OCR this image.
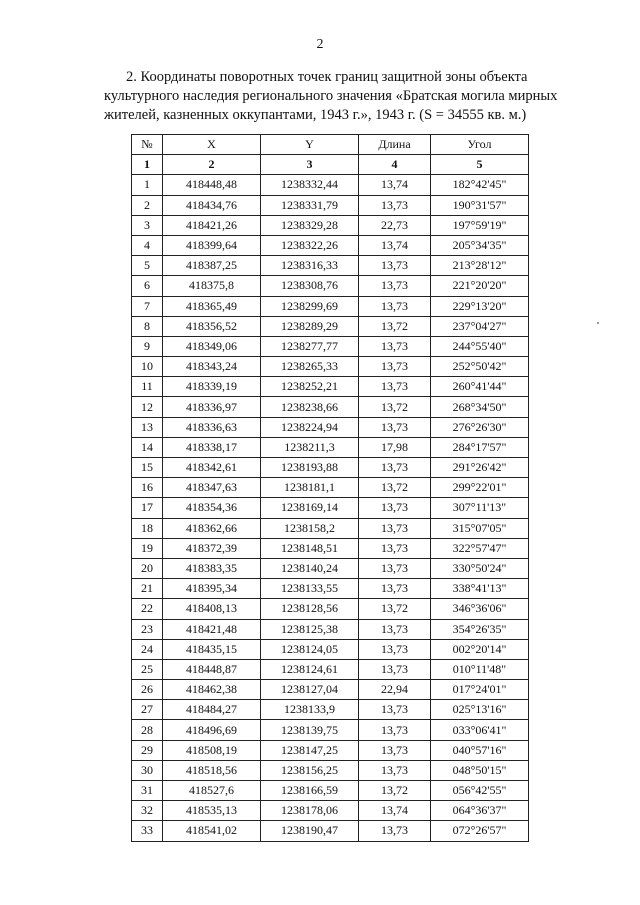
2
2. Координаты поворотных точек границ защитной зоны объекта
культурного наследия регионального значения «Братская могила мирных
жителей, казненных оккупантами, 1943 г.», 1943 г. (S = 34555 кв. м.)
№	X	Y	Длина	Угол
1	2	3	4	5
1	418448,48	1238332,44	13,74	182°42'45"
2	418434,76	1238331,79	13,73	190°31'57"
3	418421,26	1238329,28	22,73	197°59'19"
4	418399,64	1238322,26	13,74	205°34'35"
5	418387,25	1238316,33	13,73	213°28'12"
6	418375,8	1238308,76	13,73	221°20'20"
7	418365,49	1238299,69	13,73	229°13'20"
8	418356,52	1238289,29	13,72	237°04'27"
9	418349,06	1238277,77	13,73	244°55'40"
10	418343,24	1238265,33	13,73	252°50'42"
11	418339,19	1238252,21	13,73	260°41'44"
12	418336,97	1238238,66	13,72	268°34'50"
13	418336,63	1238224,94	13,73	276°26'30"
14	418338,17	1238211,3	17,98	284°17'57"
15	418342,61	1238193,88	13,73	291°26'42"
16	418347,63	1238181,1	13,72	299°22'01"
17	418354,36	1238169,14	13,73	307°11'13"
18	418362,66	1238158,2	13,73	315°07'05"
19	418372,39	1238148,51	13,73	322°57'47"
20	418383,35	1238140,24	13,73	330°50'24"
21	418395,34	1238133,55	13,73	338°41'13"
22	418408,13	1238128,56	13,72	346°36'06"
23	418421,48	1238125,38	13,73	354°26'35"
24	418435,15	1238124,05	13,73	002°20'14"
25	418448,87	1238124,61	13,73	010°11'48"
26	418462,38	1238127,04	22,94	017°24'01"
27	418484,27	1238133,9	13,73	025°13'16"
28	418496,69	1238139,75	13,73	033°06'41"
29	418508,19	1238147,25	13,73	040°57'16"
30	418518,56	1238156,25	13,73	048°50'15"
31	418527,6	1238166,59	13,72	056°42'55"
32	418535,13	1238178,06	13,74	064°36'37"
33	418541,02	1238190,47	13,73	072°26'57"
